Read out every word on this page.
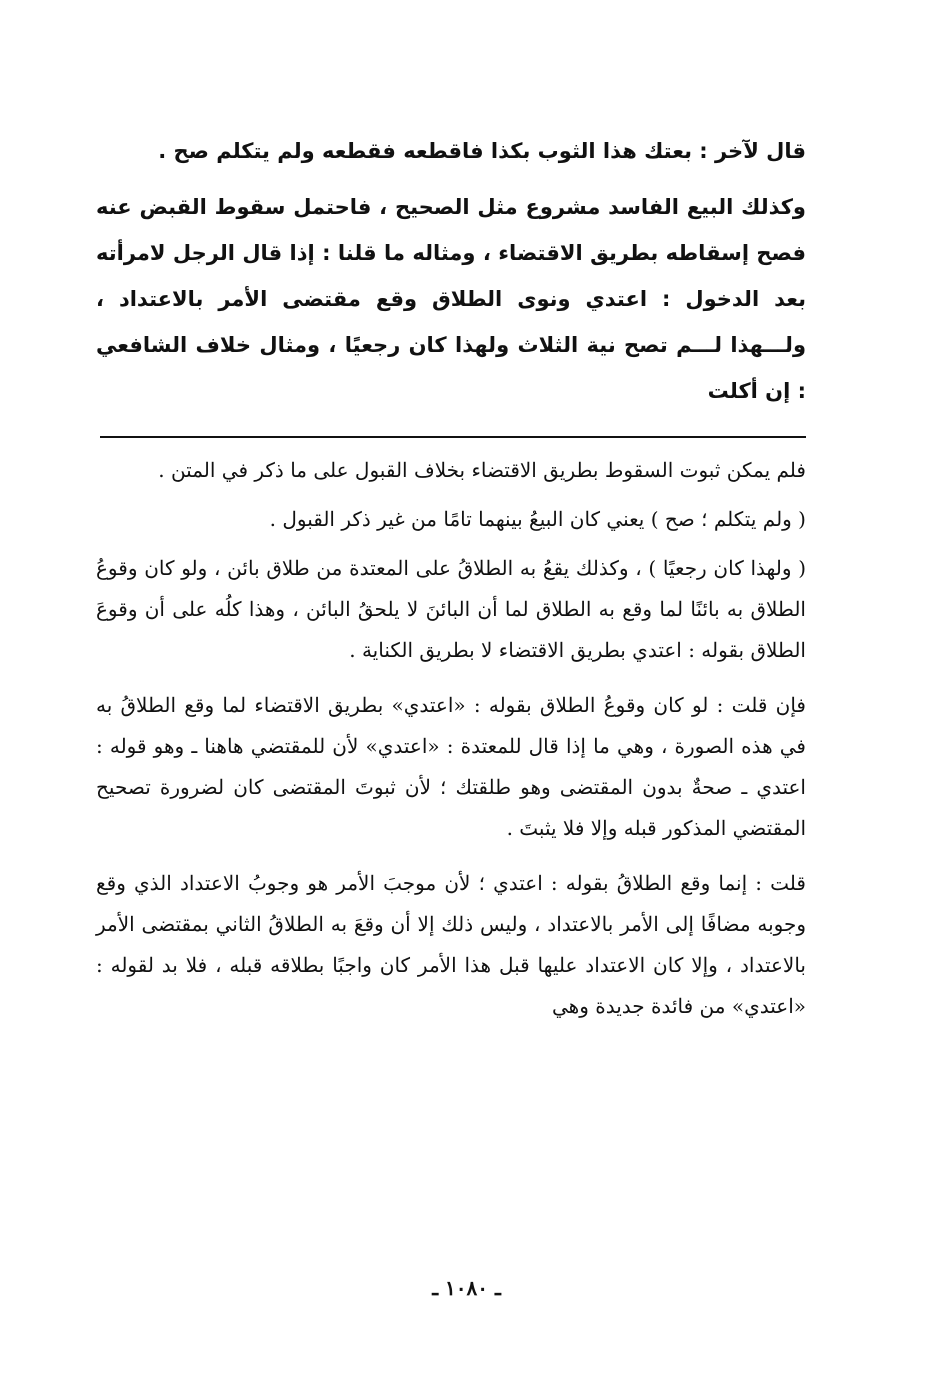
قال لآخر : بعتك هذا الثوب بكذا فاقطعه فقطعه ولم يتكلم صح .

وكذلك البيع الفاسد مشروع مثل الصحيح ، فاحتمل سقوط القبض عنه فصح إسقاطه بطريق الاقتضاء ، ومثاله ما قلنا : إذا قال الرجل لامرأته بعد الدخول : اعتدي ونوى الطلاق وقع مقتضى الأمر بالاعتداد ، ولـــهذا لـــم تصح نية الثلاث ولهذا كان رجعيًا ، ومثال خلاف الشافعي : إن أكلت

فلم يمكن ثبوت السقوط بطريق الاقتضاء بخلاف القبول على ما ذكر في المتن .

( ولم يتكلم ؛ صح ) يعني كان البيعُ بينهما تامًا من غير ذكر القبول .

( ولهذا كان رجعيًا ) ، وكذلك يقعُ به الطلاقُ على المعتدة من طلاق بائن ، ولو كان وقوعُ الطلاق به بائنًا لما وقع به الطلاق لما أن البائنَ لا يلحقُ البائن ، وهذا كلُه على أن وقوعَ الطلاق بقوله : اعتدي بطريق الاقتضاء لا بطريق الكناية .

فإن قلت : لو كان وقوعُ الطلاق بقوله : «اعتدي» بطريق الاقتضاء لما وقع الطلاقُ به في هذه الصورة ، وهي ما إذا قال للمعتدة : «اعتدي» لأن للمقتضي هاهنا ـ وهو قوله : اعتدي ـ صحةٌ بدون المقتضى وهو طلقتك ؛ لأن ثبوتَ المقتضى كان لضرورة تصحيح المقتضي المذكور قبله وإلا فلا يثبتَ .

قلت : إنما وقع الطلاقُ بقوله : اعتدي ؛ لأن موجبَ الأمر هو وجوبُ الاعتداد الذي وقع وجوبه مضافًا إلى الأمر بالاعتداد ، وليس ذلك إلا أن وقعَ به الطلاقُ الثاني بمقتضى الأمر بالاعتداد ، وإلا كان الاعتداد عليها قبل هذا الأمر كان واجبًا بطلاقه قبله ، فلا بد لقوله : «اعتدي» من فائدة جديدة وهي

ـ ١٠٨٠ ـ
